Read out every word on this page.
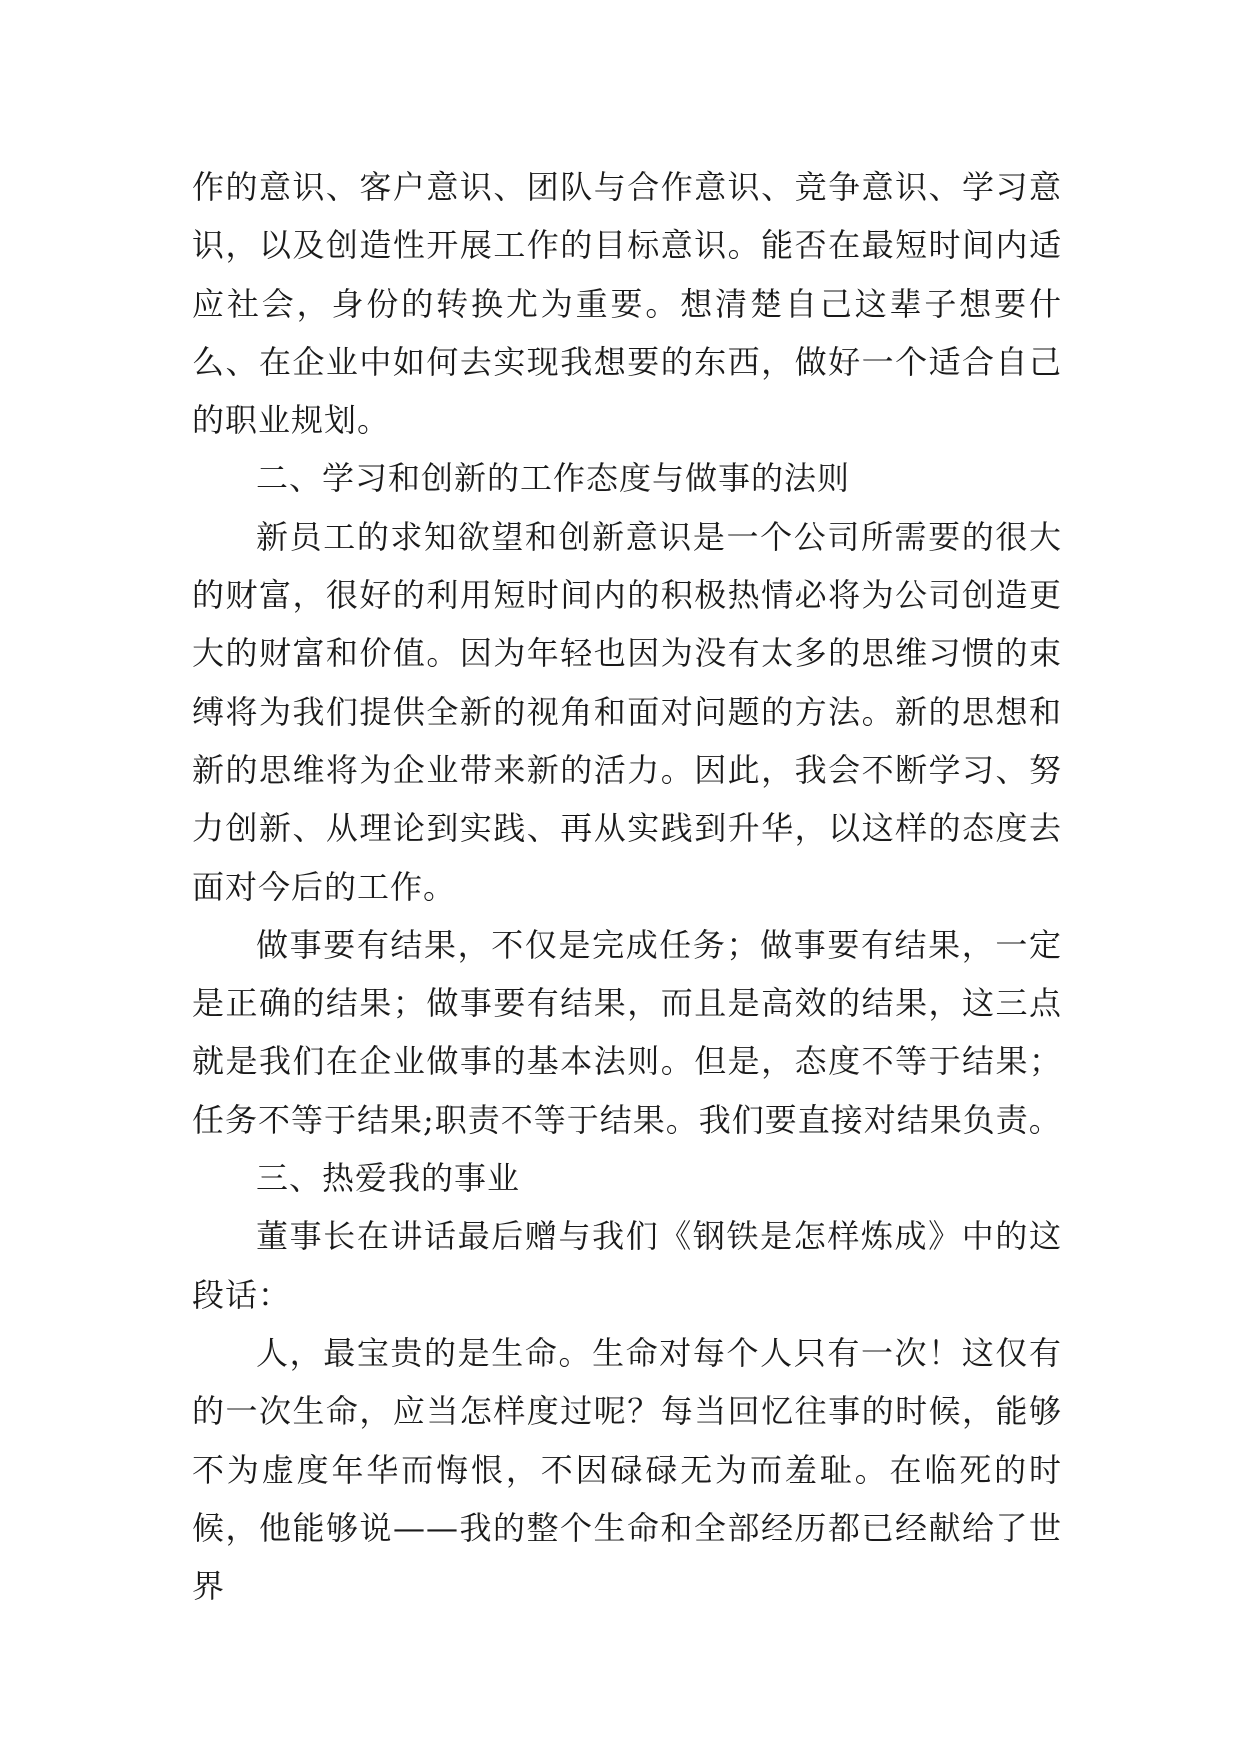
作的意识、客户意识、团队与合作意识、竞争意识、学习意识，以及创造性开展工作的目标意识。能否在最短时间内适应社会，身份的转换尤为重要。想清楚自己这辈子想要什么、在企业中如何去实现我想要的东西，做好一个适合自己的职业规划。

二、学习和创新的工作态度与做事的法则

新员工的求知欲望和创新意识是一个公司所需要的很大的财富，很好的利用短时间内的积极热情必将为公司创造更大的财富和价值。因为年轻也因为没有太多的思维习惯的束缚将为我们提供全新的视角和面对问题的方法。新的思想和新的思维将为企业带来新的活力。因此，我会不断学习、努力创新、从理论到实践、再从实践到升华，以这样的态度去面对今后的工作。

做事要有结果，不仅是完成任务；做事要有结果，一定是正确的结果；做事要有结果，而且是高效的结果，这三点就是我们在企业做事的基本法则。但是，态度不等于结果；任务不等于结果;职责不等于结果。我们要直接对结果负责。

三、热爱我的事业

董事长在讲话最后赠与我们《钢铁是怎样炼成》中的这段话：

人，最宝贵的是生命。生命对每个人只有一次！这仅有的一次生命，应当怎样度过呢？每当回忆往事的时候，能够不为虚度年华而悔恨，不因碌碌无为而羞耻。在临死的时候，他能够说——我的整个生命和全部经历都已经献给了世界
